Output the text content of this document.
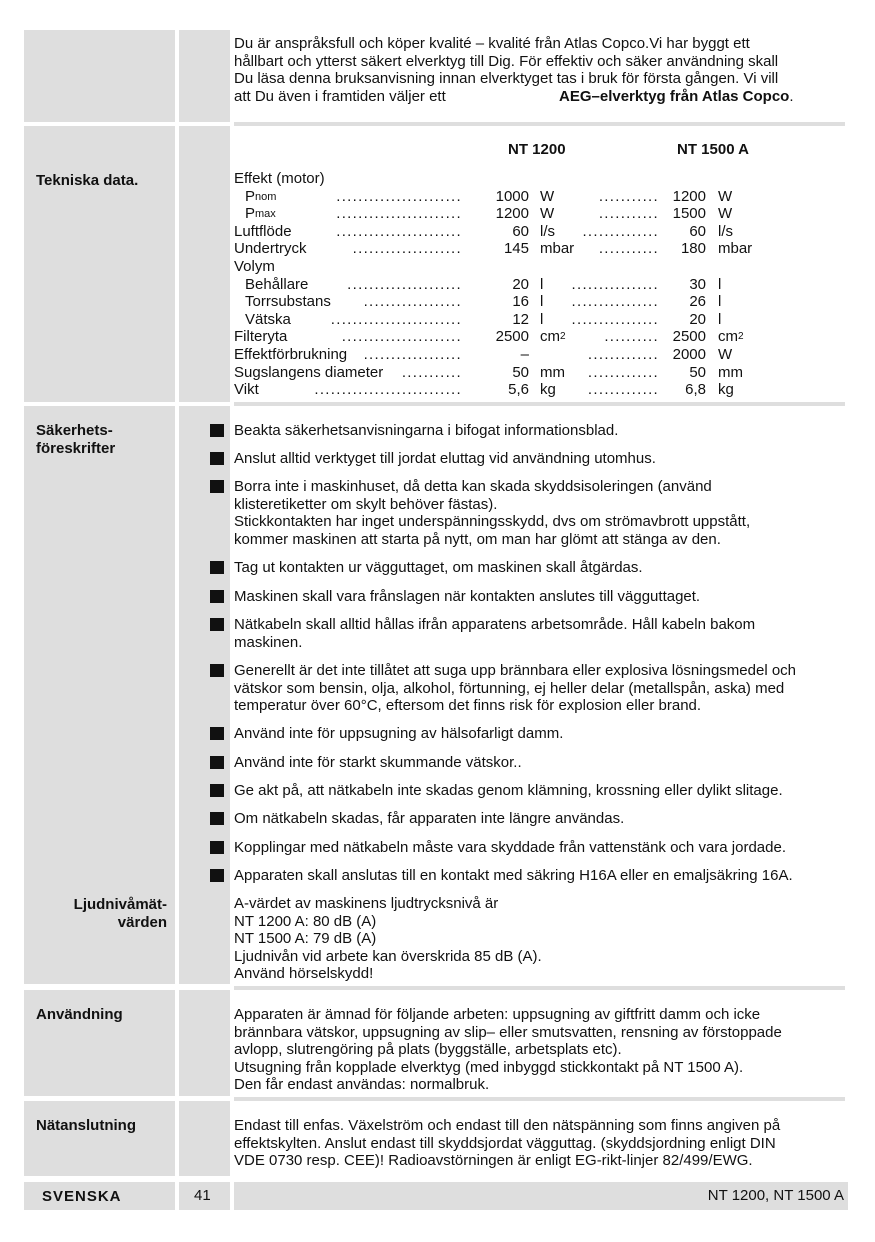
Du är anspråksfull och köper kvalité – kvalité från Atlas Copco.Vi har byggt ett
hållbart och ytterst säkert elverktyg till Dig. För effektiv och säker användning skall
Du läsa denna bruksanvisning innan elverktyget tas i bruk för första gången. Vi vill
att Du även i framtiden väljer ett	AEG–elverktyg från Atlas Copco.
Tekniska data.
NT 1200	NT 1500 A
Effekt (motor)
P nom	....................... 1000 W	........... 1200 W
P max	....................... 1200 W	........... 1500 W
Luftflöde	.......................	60 l/s	.............. 60 l/s
Undertryck	....................	145 mbar	........... 180 mbar
Volym
Behållare	.....................	20 l	................ 30 l
Torrsubstans	..................	16 l	................ 26 l
Vätska	........................	12 l	................ 20 l
Filteryta	...................... 2500 cm 2	.......... 2500 cm 2
Effektförbrukning	..................	–	............. 2000 W
Sugslangens diameter	...........	50 mm	............. 50 mm
Vikt	...........................	5,6 kg	............. 6,8 kg
Säkerhets-
föreskrifter
Beakta säkerhetsanvisningarna i bifogat informationsblad.
Anslut alltid verktyget till jordat eluttag vid användning utomhus.
Borra inte i maskinhuset, då detta kan skada skyddsisoleringen (använd
klisteretiketter om skylt behöver fästas).
Stickkontakten har inget underspänningsskydd, dvs om strömavbrott uppstått,
kommer maskinen att starta på nytt, om man har glömt att stänga av den.
Tag ut kontakten ur vägguttaget, om maskinen skall åtgärdas.
Maskinen skall vara frånslagen när kontakten anslutes till vägguttaget.
Nätkabeln skall alltid hållas ifrån apparatens arbetsområde. Håll kabeln bakom
maskinen.
Generellt är det inte tillåtet att suga upp brännbara eller explosiva lösningsmedel och
vätskor som bensin, olja, alkohol, förtunning, ej heller delar (metallspån, aska) med
temperatur över 60°C, eftersom det finns risk för explosion eller brand.
Använd inte för uppsugning av hälsofarligt damm.
Använd inte för starkt skummande vätskor..
Ge akt på, att nätkabeln inte skadas genom klämning, krossning eller dylikt slitage.
Om nätkabeln skadas, får apparaten inte längre användas.
Kopplingar med nätkabeln måste vara skyddade från vattenstänk och vara jordade.
Apparaten skall anslutas till en kontakt med säkring H16A eller en emaljsäkring 16A.
Ljudnivåmät-
värden
A-värdet av maskinens ljudtrycksnivå är
NT 1200 A: 80 dB (A)
NT 1500 A: 79 dB (A)
Ljudnivån vid arbete kan överskrida 85 dB (A).
Använd hörselskydd!
Användning	Apparaten är ämnad för följande arbeten: uppsugning av giftfritt damm och icke
brännbara vätskor, uppsugning av slip– eller smutsvatten, rensning av förstoppade
avlopp, slutrengöring på plats (byggställe, arbetsplats etc).
Utsugning från kopplade elverktyg (med inbyggd stickkontakt på NT 1500 A).
Den får endast användas: normalbruk.
Nätanslutning	Endast till enfas. Växelström och endast till den nätspänning som finns angiven på
effektskylten. Anslut endast till skyddsjordat vägguttag. (skyddsjordning enligt DIN
VDE 0730 resp. CEE)! Radioavstörningen är enligt EG-rikt-linjer 82/499/EWG.
SVENSKA	41	NT 1200, NT 1500 A
